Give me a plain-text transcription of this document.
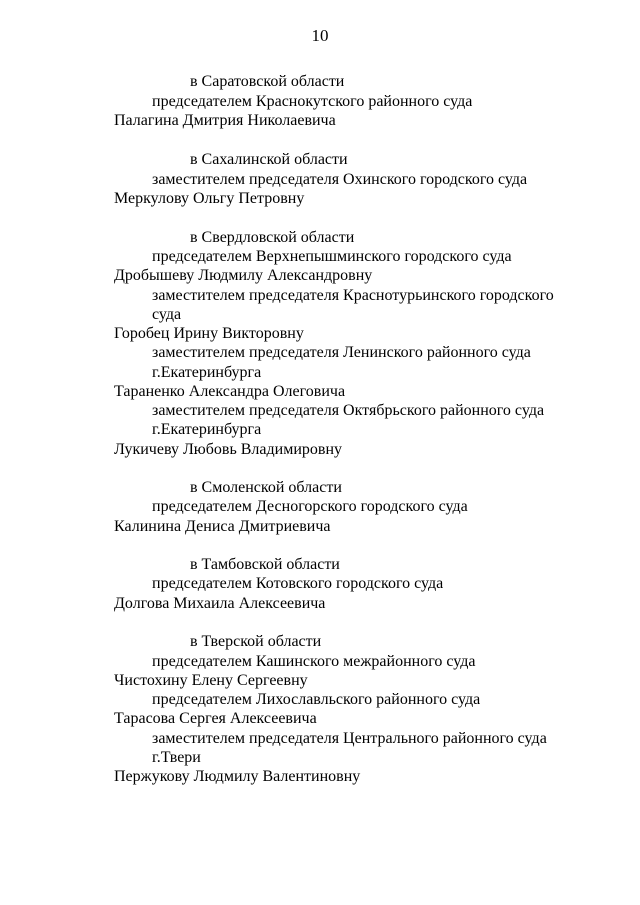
10
в Саратовской области
председателем Краснокутского районного суда
Палагина Дмитрия Николаевича
в Сахалинской области
заместителем председателя Охинского городского суда
Меркулову Ольгу Петровну
в Свердловской области
председателем Верхнепышминского городского суда
Дробышеву Людмилу Александровну
заместителем председателя Краснотурьинского городского
суда
Горобец Ирину Викторовну
заместителем председателя Ленинского районного суда
г.Екатеринбурга
Тараненко Александра Олеговича
заместителем председателя Октябрьского районного суда
г.Екатеринбурга
Лукичеву Любовь Владимировну
в Смоленской области
председателем Десногорского городского суда
Калинина Дениса Дмитриевича
в Тамбовской области
председателем Котовского городского суда
Долгова Михаила Алексеевича
в Тверской области
председателем Кашинского межрайонного суда
Чистохину Елену Сергеевну
председателем Лихославльского районного суда
Тарасова Сергея Алексеевича
заместителем председателя Центрального районного суда
г.Твери
Пержукову Людмилу Валентиновну
